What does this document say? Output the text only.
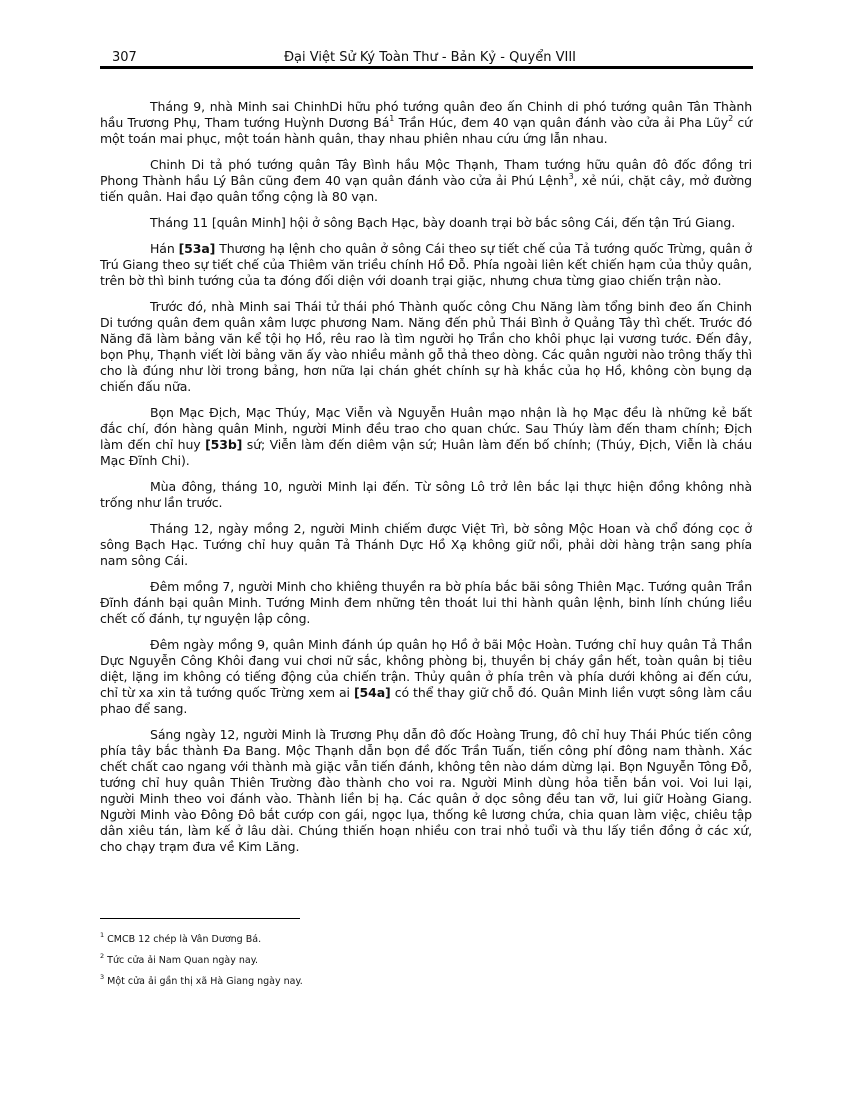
307	Đại Việt Sử Ký Toàn Thư - Bản Kỷ - Quyển VIII

Tháng 9, nhà Minh sai ChinhDi hữu phó tướng quân đeo ấn Chinh di phó tướng quân Tân Thành hầu Trương Phụ, Tham tướng Huỳnh Dương $Bá^1$ Trần Húc, đem 40 vạn quân đánh vào cửa ải Pha Lũy$^2$ cứ một toán mai phục, một toán hành quân, thay nhau phiên nhau cứu ứng lẫn nhau.

Chinh Di tả phó tướng quân Tây Bình hầu Mộc Thạnh, Tham tướng hữu quân đô đốc đồng tri Phong Thành hầu Lý Bân cũng đem 40 vạn quân đánh vào cửa ải Phú Lệnh$^3$, xẻ núi, chặt cây, mở đường tiến quân. Hai đạo quân tổng cộng là 80 vạn.

Tháng 11 [quân Minh] hội ở sông Bạch Hạc, bày doanh trại bờ bắc sông Cái, đến tận Trú Giang.

Hán [53a] Thương hạ lệnh cho quân ở sông Cái theo sự tiết chế của Tả tướng quốc Trừng, quân ở Trú Giang theo sự tiết chế của Thiêm văn triều chính Hồ Đỗ. Phía ngoài liên kết chiến hạm của thủy quân, trên bờ thì binh tướng của ta đóng đối diện với doanh trại giặc, nhưng chưa từng giao chiến trận nào.

Trước đó, nhà Minh sai Thái tử thái phó Thành quốc công Chu Năng làm tổng binh đeo ấn Chinh Di tướng quân đem quân xâm lược phương Nam. Năng đến phủ Thái Bình ở Quảng Tây thì chết. Trước đó Năng đã làm bảng văn kể tội họ Hồ, rêu rao là tìm người họ Trần cho khôi phục lại vương tước. Đến đây, bọn Phụ, Thạnh viết lời bảng văn ấy vào nhiều mảnh gỗ thả theo dòng. Các quân người nào trông thấy thì cho là đúng như lời trong bảng, hơn nữa lại chán ghét chính sự hà khắc của họ Hồ, không còn bụng dạ chiến đấu nữa.

Bọn Mạc Địch, Mạc Thúy, Mạc Viễn và Nguyễn Huân mạo nhận là họ Mạc đều là những kẻ bất đắc chí, đón hàng quân Minh, người Minh đều trao cho quan chức. Sau Thúy làm đến tham chính; Địch làm đến chỉ huy [53b] sứ; Viễn làm đến diêm vận sứ; Huân làm đến bố chính; (Thúy, Địch, Viễn là cháu Mạc Đĩnh Chi).

Mùa đông, tháng 10, người Minh lại đến. Từ sông Lô trở lên bắc lại thực hiện đồng không nhà trống như lần trước.

Tháng 12, ngày mồng 2, người Minh chiếm được Việt Trì, bờ sông Mộc Hoan và chổ đóng cọc ở sông Bạch Hạc. Tướng chỉ huy quân Tả Thánh Dực Hồ Xạ không giữ nổi, phải dời hàng trận sang phía nam sông Cái.

Đêm mồng 7, người Minh cho khiêng thuyền ra bờ phía bắc bãi sông Thiên Mạc. Tướng quân Trần Đĩnh đánh bại quân Minh. Tướng Minh đem những tên thoát lui thi hành quân lệnh, binh lính chúng liều chết cố đánh, tự nguyện lập công.

Đêm ngày mồng 9, quân Minh đánh úp quân họ Hồ ở bãi Mộc Hoàn. Tướng chỉ huy quân Tả Thần Dực Nguyễn Công Khôi đang vui chơi nữ sắc, không phòng bị, thuyền bị cháy gần hết, toàn quân bị tiêu diệt, lặng im không có tiếng động của chiến trận. Thủy quân ở phía trên và phía dưới không ai đến cứu, chỉ từ xa xin tả tướng quốc Trừng xem ai [54a] có thể thay giữ chỗ đó. Quân Minh liền vượt sông làm cầu phao để sang.

Sáng ngày 12, người Minh là Trương Phụ dẫn đô đốc Hoàng Trung, đô chỉ huy Thái Phúc tiến công phía tây bắc thành Đa Bang. Mộc Thạnh dẫn bọn đề đốc Trần Tuấn, tiến công phí đông nam thành. Xác chết chất cao ngang với thành mà giặc vẫn tiến đánh, không tên nào dám dừng lại. Bọn Nguyễn Tông Đỗ, tướng chỉ huy quân Thiên Trường đào thành cho voi ra. Người Minh dùng hỏa tiễn bắn voi. Voi lui lại, người Minh theo voi đánh vào. Thành liền bị hạ. Các quân ở dọc sông đều tan vỡ, lui giữ Hoàng Giang. Người Minh vào Đông Đô bắt cướp con gái, ngọc lụa, thống kê lương chứa, chia quan làm việc, chiêu tập dân xiêu tán, làm kế ở lâu dài. Chúng thiến hoạn nhiều con trai nhỏ tuổi và thu lấy tiền đồng ở các xứ, cho chạy trạm đưa về Kim Lăng.

$^1$ CMCB 12 chép là Vân Dương Bá.
$^2$ Tức cửa ải Nam Quan ngày nay.
$^3$ Một cửa ải gần thị xã Hà Giang ngày nay.
